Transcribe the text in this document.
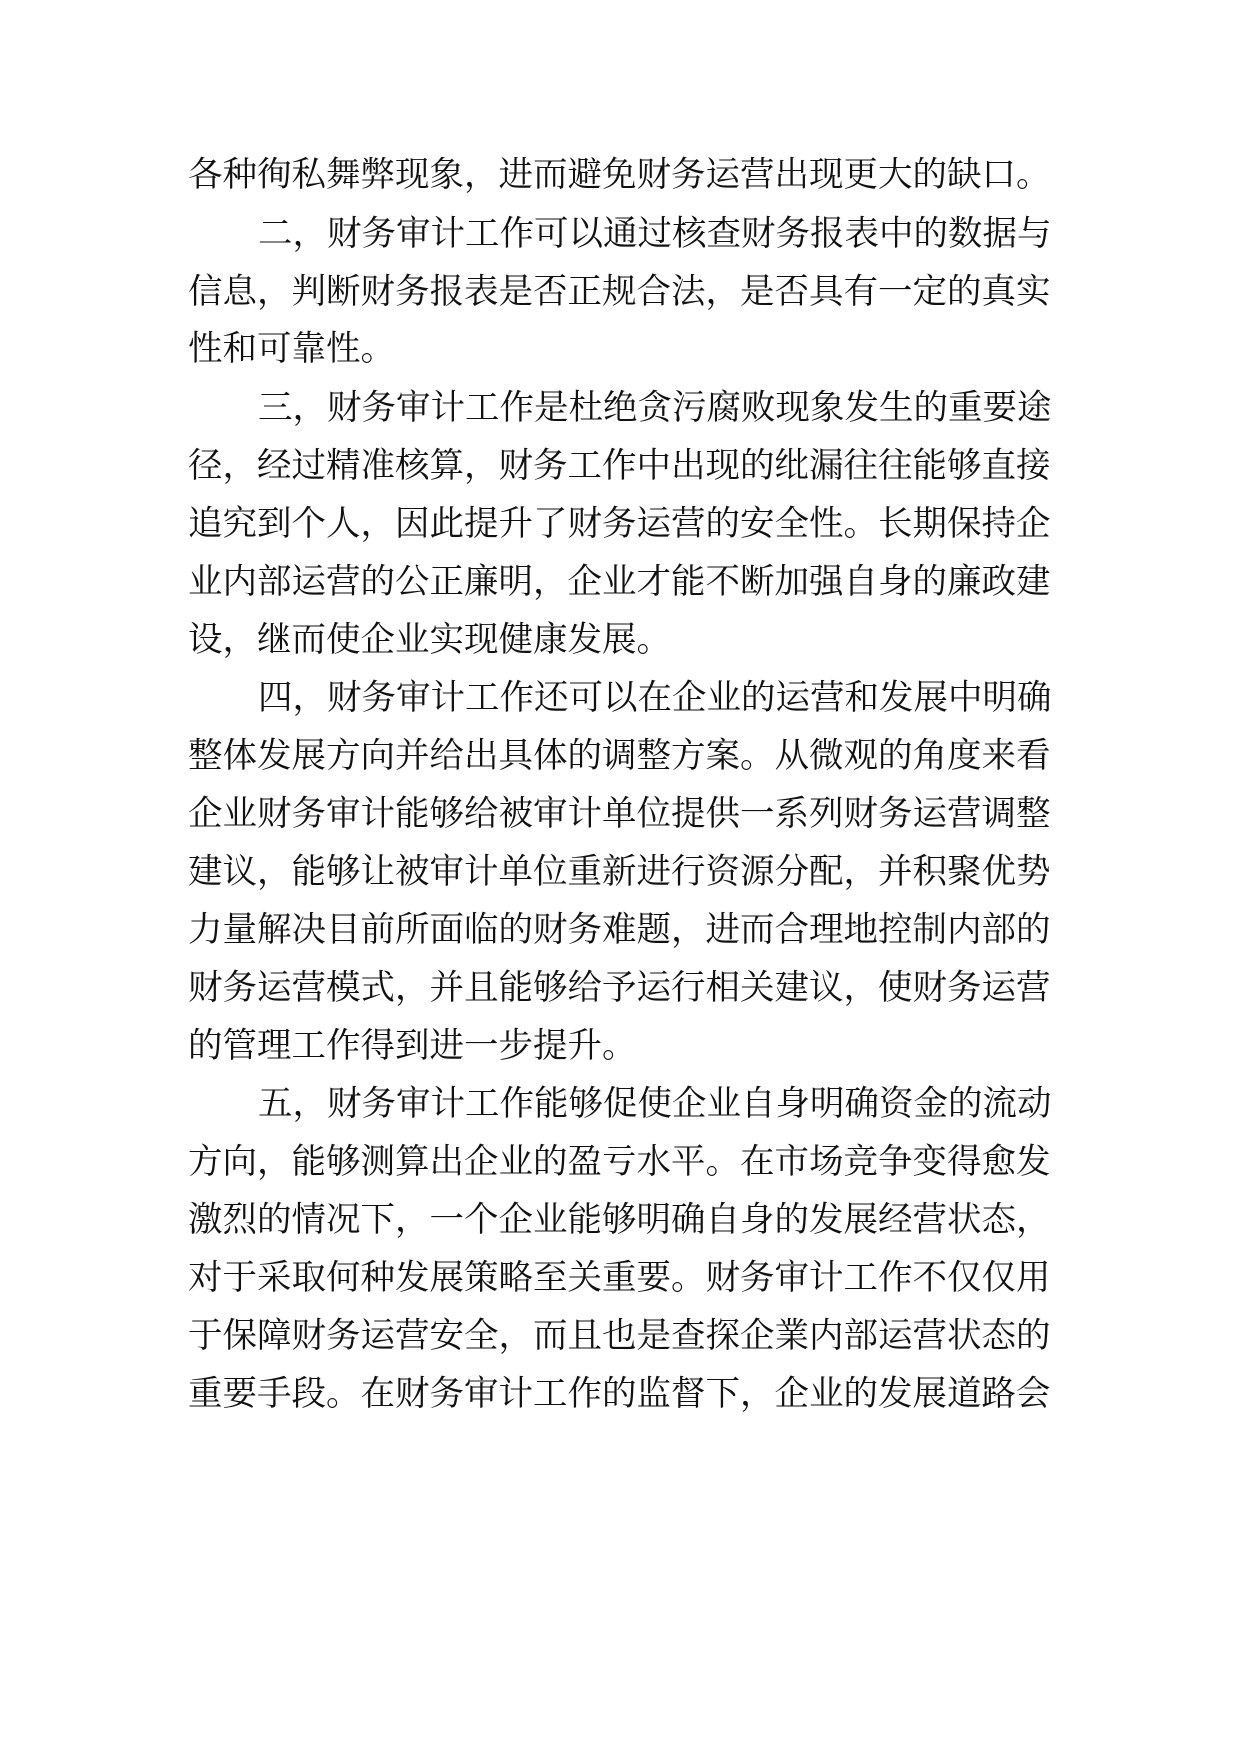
各种徇私舞弊现象，进而避免财务运营出现更大的缺口。

二，财务审计工作可以通过核查财务报表中的数据与

信息，判断财务报表是否正规合法，是否具有一定的真实

性和可靠性。

三，财务审计工作是杜绝贪污腐败现象发生的重要途

径，经过精准核算，财务工作中出现的纰漏往往能够直接

追究到个人，因此提升了财务运营的安全性。长期保持企

业内部运营的公正廉明，企业才能不断加强自身的廉政建

设，继而使企业实现健康发展。

四，财务审计工作还可以在企业的运营和发展中明确

整体发展方向并给出具体的调整方案。从微观的角度来看

企业财务审计能够给被审计单位提供一系列财务运营调整

建议，能够让被审计单位重新进行资源分配，并积聚优势

力量解决目前所面临的财务难题，进而合理地控制内部的

财务运营模式，并且能够给予运行相关建议，使财务运营

的管理工作得到进一步提升。

五，财务审计工作能够促使企业自身明确资金的流动

方向，能够测算出企业的盈亏水平。在市场竞争变得愈发

激烈的情况下，一个企业能够明确自身的发展经营状态，

对于采取何种发展策略至关重要。财务审计工作不仅仅用

于保障财务运营安全，而且也是查探企業内部运营状态的

重要手段。在财务审计工作的监督下，企业的发展道路会
